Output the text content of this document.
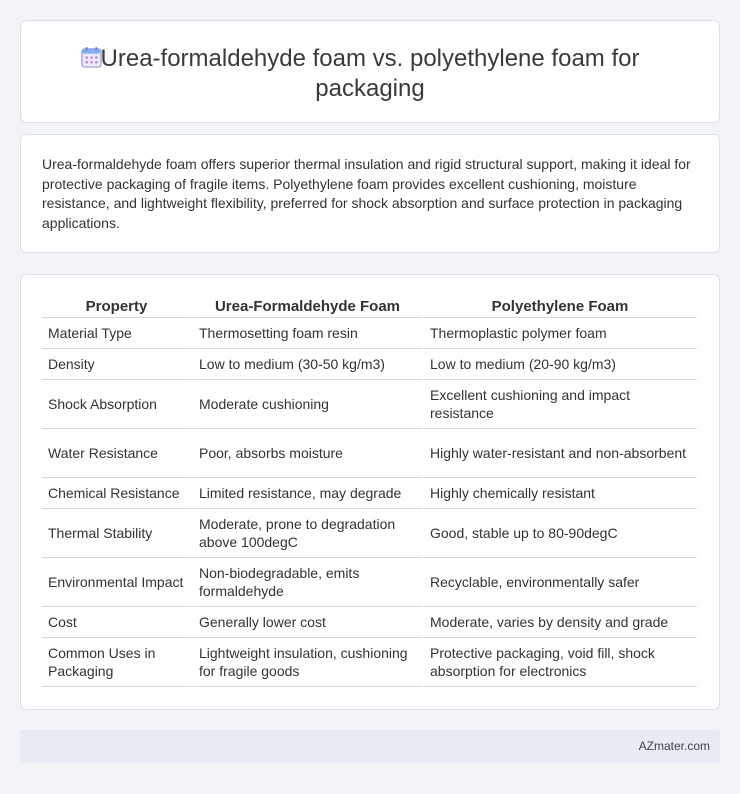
Urea-formaldehyde foam vs. polyethylene foam for packaging

Urea-formaldehyde foam offers superior thermal insulation and rigid structural support, making it ideal for protective packaging of fragile items. Polyethylene foam provides excellent cushioning, moisture resistance, and lightweight flexibility, preferred for shock absorption and surface protection in packaging applications.

Property	Urea-Formaldehyde Foam	Polyethylene Foam
Material Type	Thermosetting foam resin	Thermoplastic polymer foam
Density	Low to medium (30-50 kg/m3)	Low to medium (20-90 kg/m3)
Shock Absorption	Moderate cushioning	Excellent cushioning and impact resistance
Water Resistance	Poor, absorbs moisture	Highly water-resistant and non-absorbent
Chemical Resistance	Limited resistance, may degrade	Highly chemically resistant
Thermal Stability	Moderate, prone to degradation above 100degC	Good, stable up to 80-90degC
Environmental Impact	Non-biodegradable, emits formaldehyde	Recyclable, environmentally safer
Cost	Generally lower cost	Moderate, varies by density and grade
Common Uses in Packaging	Lightweight insulation, cushioning for fragile goods	Protective packaging, void fill, shock absorption for electronics
AZmater.com
